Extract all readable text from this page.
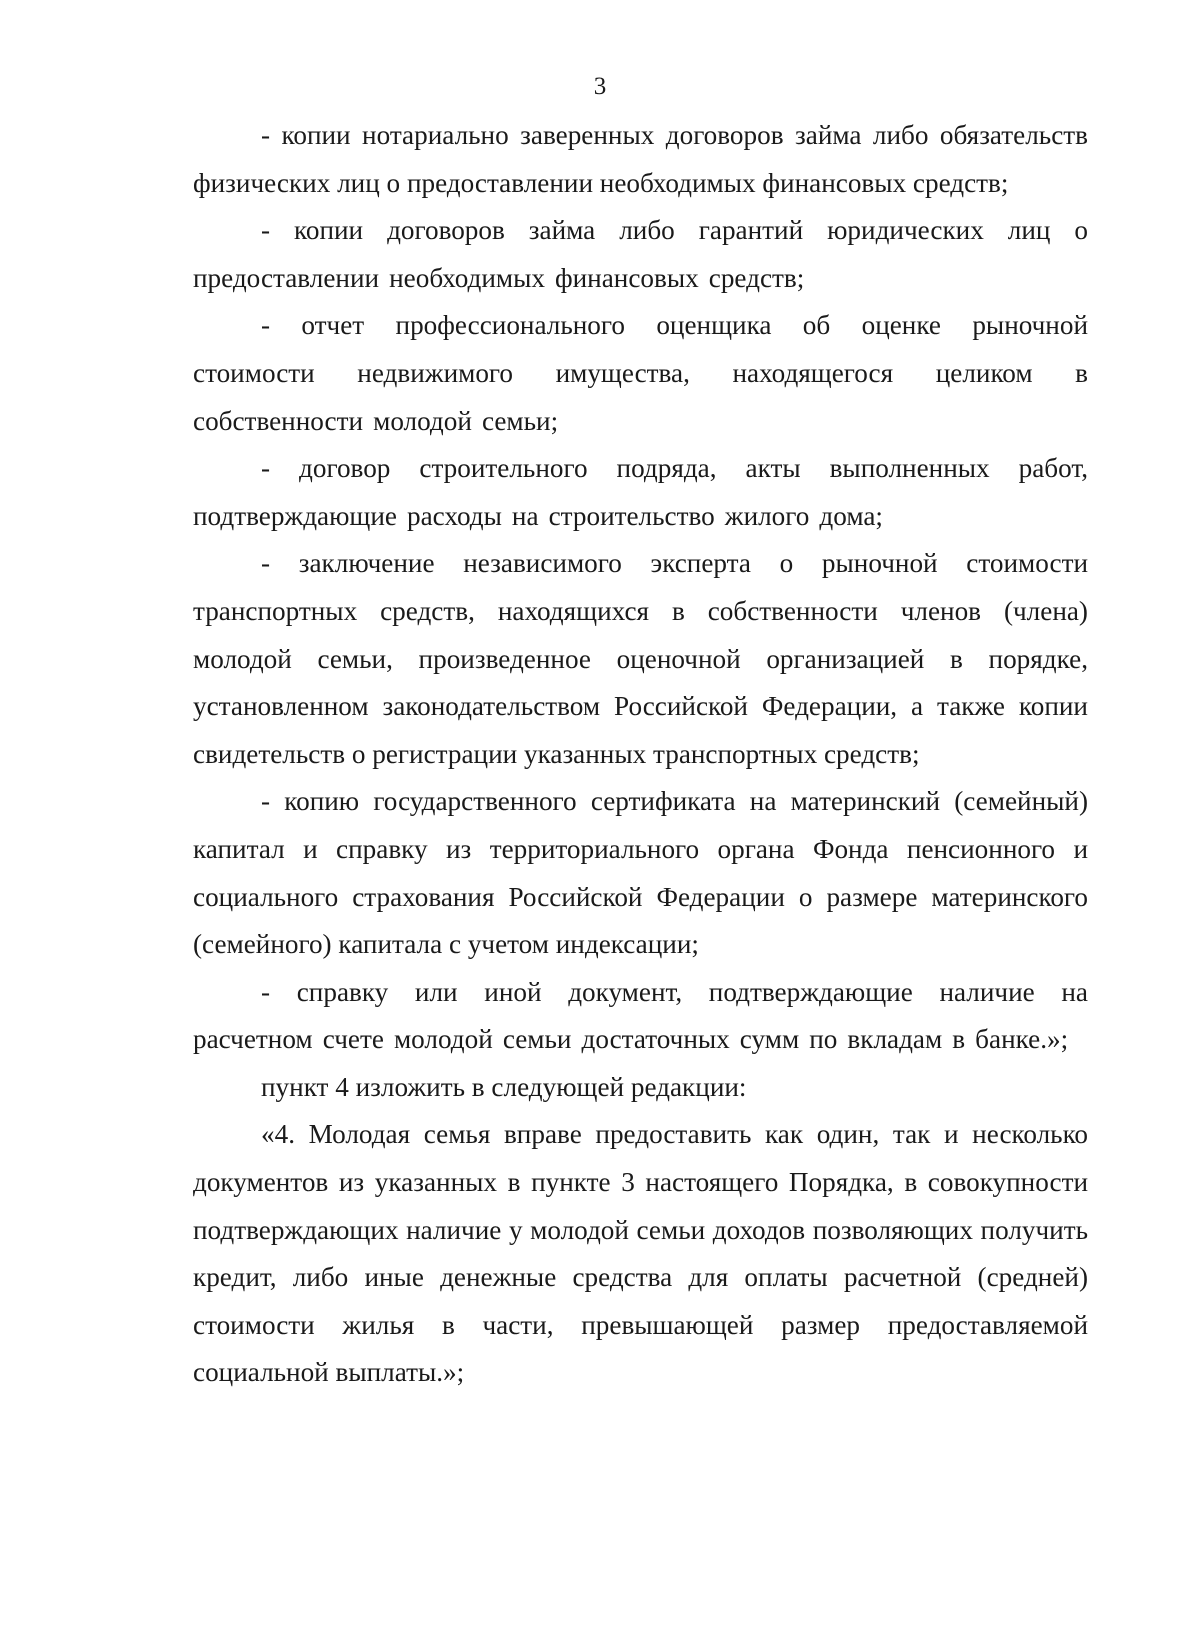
3

- копии нотариально заверенных договоров займа либо обязательств физических лиц о предоставлении необходимых финансовых средств;

- копии договоров займа либо гарантий юридических лиц о предоставлении необходимых финансовых средств;

- отчет профессионального оценщика об оценке рыночной стоимости недвижимого имущества, находящегося целиком в собственности молодой семьи;

- договор строительного подряда, акты выполненных работ, подтверждающие расходы на строительство жилого дома;

- заключение независимого эксперта о рыночной стоимости транспортных средств, находящихся в собственности членов (члена) молодой семьи, произведенное оценочной организацией в порядке, установленном законодательством Российской Федерации, а также копии свидетельств о регистрации указанных транспортных средств;

- копию государственного сертификата на материнский (семейный) капитал и справку из территориального органа Фонда пенсионного и социального страхования Российской Федерации о размере материнского (семейного) капитала с учетом индексации;

- справку или иной документ, подтверждающие наличие на расчетном счете молодой семьи достаточных сумм по вкладам в банке.»;

пункт 4 изложить в следующей редакции:

«4. Молодая семья вправе предоставить как один, так и несколько документов из указанных в пункте 3 настоящего Порядка, в совокупности подтверждающих наличие у молодой семьи доходов позволяющих получить кредит, либо иные денежные средства для оплаты расчетной (средней) стоимости жилья в части, превышающей размер предоставляемой социальной выплаты.»;
